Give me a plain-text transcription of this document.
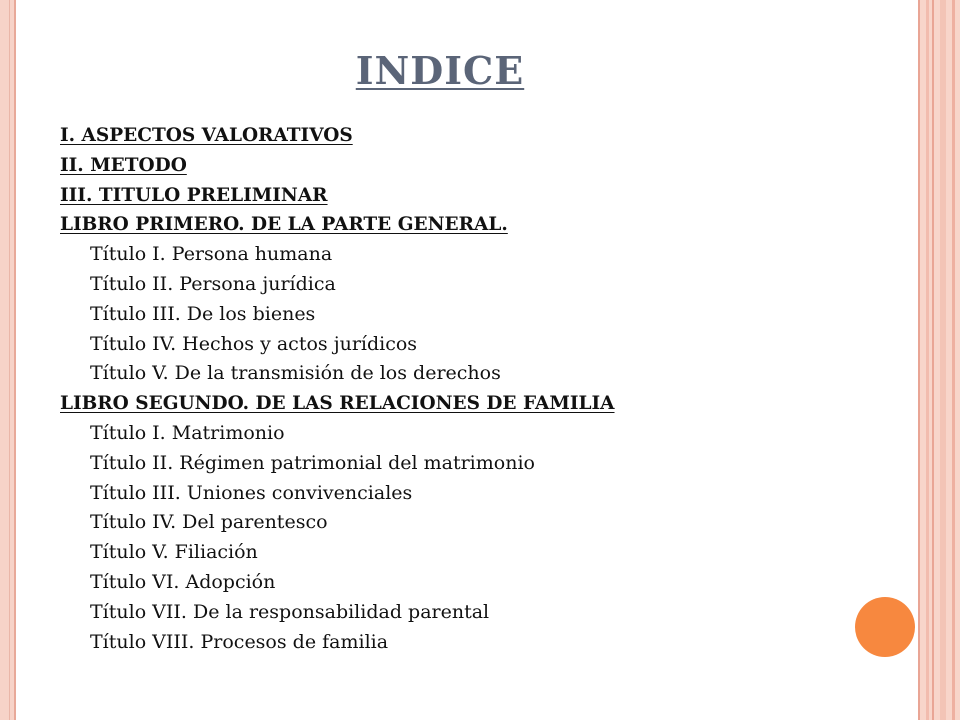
INDICE
I. ASPECTOS VALORATIVOS
II. METODO
III. TITULO PRELIMINAR
LIBRO PRIMERO. DE LA PARTE GENERAL.
Título I. Persona humana
Título II. Persona jurídica
Título III. De los bienes
Título IV. Hechos y actos jurídicos
Título V. De la transmisión de los derechos
LIBRO SEGUNDO. DE LAS RELACIONES DE FAMILIA
Título I. Matrimonio
Título II. Régimen patrimonial del matrimonio
Título III. Uniones convivenciales
Título IV. Del parentesco
Título V. Filiación
Título VI. Adopción
Título VII. De la responsabilidad parental
Título VIII. Procesos de familia
